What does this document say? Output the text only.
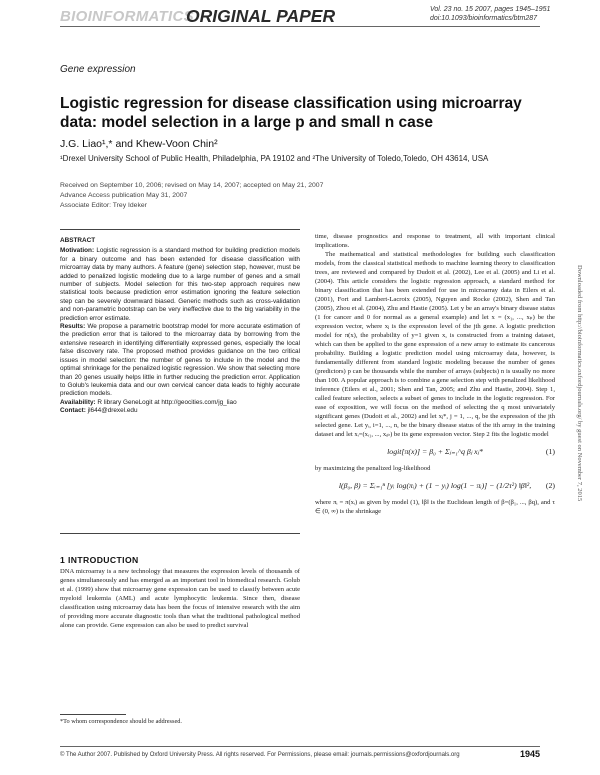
BIOINFORMATICS
ORIGINAL PAPER	Vol. 23 no. 15 2007, pages 1945–1951
doi:10.1093/bioinformatics/btm287
Gene expression
Logistic regression for disease classification using microarray data: model selection in a large p and small n case
J.G. Liao¹,* and Khew-Voon Chin²
¹Drexel University School of Public Health, Philadelphia, PA 19102 and ²The University of Toledo,Toledo, OH 43614, USA
Received on September 10, 2006; revised on May 14, 2007; accepted on May 21, 2007
Advance Access publication May 31, 2007
Associate Editor: Trey Ideker

ABSTRACT

Motivation: Logistic regression is a standard method for building prediction models for a binary outcome and has been extended for disease classification with microarray data by many authors. A feature (gene) selection step, however, must be added to penalized logistic modeling due to a large number of genes and a small number of subjects. Model selection for this two-step approach requires new statistical tools because prediction error estimation ignoring the feature selection step can be severely downward biased. Generic methods such as cross-validation and non-parametric bootstrap can be very ineffective due to the big variability in the prediction error estimate.

Results: We propose a parametric bootstrap model for more accurate estimation of the prediction error that is tailored to the microarray data by borrowing from the extensive research in identifying differentially expressed genes, especially the local false discovery rate. The proposed method provides guidance on the two critical issues in model selection: the number of genes to include in the model and the optimal shrinkage for the penalized logistic regression. We show that selecting more than 20 genes usually helps little in further reducing the prediction error. Application to Golub's leukemia data and our own cervical cancer data leads to highly accurate prediction models.

Availability: R library GeneLogit at http://geocities.com/jg_liao

Contact: jl644@drexel.edu

1 INTRODUCTION
DNA microarray is a new technology that measures the expression levels of thousands of genes simultaneously and has emerged as an important tool in biomedical research. Golub et al. (1999) show that microarray gene expression can be used to classify between acute myeloid leukemia (AML) and acute lymphocytic leukemia. Since then, disease classification using microarray data has been the focus of intensive research with the aim of providing more accurate diagnostic tools than what the traditional pathological method alone can provide. Gene expression can also be used to predict survival
*To whom correspondence should be addressed.

time, disease prognostics and response to treatment, all with important clinical implications.

The mathematical and statistical methodologies for building such classification models, from the classical statistical methods to machine learning theory to classification trees, are reviewed and compared by Dudoit et al. (2002), Lee et al. (2005) and Li et al. (2004). This article considers the logistic regression approach, a standard method for binary classification that has been extended for use in microarray data in Eilers et al. (2001), Fort and Lambert-Lacroix (2005), Nguyen and Rocke (2002), Shen and Tan (2005), Zhou et al. (2004), Zhu and Hastie (2005). Let y be an array's binary disease status (1 for cancer and 0 for normal as a general example) and let x = (x₁, ..., xₚ) be the expression vector, where xⱼ is the expression level of the jth gene. A logistic prediction model for π(x), the probability of y=1 given x, is constructed from a training dataset, which can then be applied to the gene expression of a new array to estimate its cancerous probability. Building a logistic prediction model using microarray data, however, is fundamentally different from standard logistic modeling because the number of genes (predictors) p can be thousands while the number of arrays (subjects) n is usually no more than 100. A popular approach is to combine a gene selection step with penalized likelihood inference (Eilers et al., 2001; Shen and Tan, 2005; and Zhu and Hastie, 2004). Step 1, called feature selection, selects a subset of genes to include in the logistic regression. For ease of exposition, we will focus on the method of selecting the q most univariately significant genes (Dudoit et al., 2002) and let xⱼ*, j = 1, ..., q, be the expression of the jth selected gene. Let yᵢ, i=1, ..., n, be the binary disease status of the ith array in the training dataset and let xᵢ=(xᵢ₁, ..., xᵢₚ) be its gene expression vector. Step 2 fits the logistic model

logit[π(x)] = β₀ + Σⱼ₌₁^q βⱼ xⱼ*	(1)

by maximizing the penalized log-likelihood

l(β₀, β) = Σᵢ₌₁ⁿ [yᵢ log(πᵢ) + (1 − yᵢ) log(1 − πᵢ)] − (1/2τ²) ‖β‖², (2)

where πᵢ = π(xᵢ) as given by model (1), ‖β‖ is the Euclidean length of β=(β₁, ..., βq), and τ ∈ (0, ∞) is the shrinkage

Downloaded from http://bioinformatics.oxfordjournals.org/ by guest on November 7, 2015
© The Author 2007. Published by Oxford University Press. All rights reserved. For Permissions, please email: journals.permissions@oxfordjournals.org	1945
